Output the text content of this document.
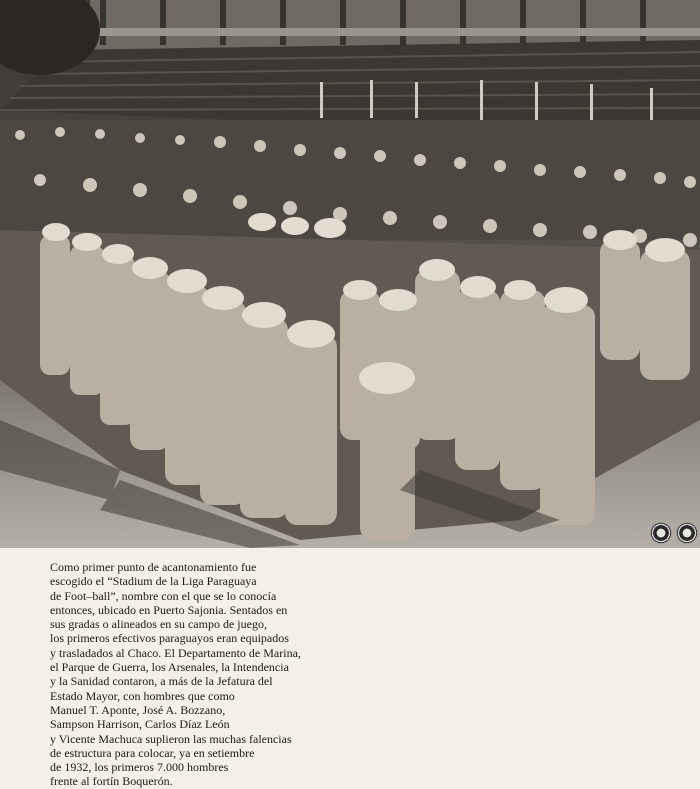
Como primer punto de acantonamiento fue
escogido el “Stadium de la Liga Paraguaya
de Foot–ball”, nombre con el que se lo conocía
entonces, ubicado en Puerto Sajonia. Sentados en
sus gradas o alineados en su campo de juego,
los primeros efectivos paraguayos eran equipados
y trasladados al Chaco. El Departamento de Marina,
el Parque de Guerra, los Arsenales, la Intendencia
y la Sanidad contaron, a más de la Jefatura del
Estado Mayor, con hombres que como
Manuel T. Aponte, José A. Bozzano,
Sampson Harrison, Carlos Díaz León
y Vicente Machuca suplieron las muchas falencias
de estructura para colocar, ya en setiembre
de 1932, los primeros 7.000 hombres
frente al fortín Boquerón.
